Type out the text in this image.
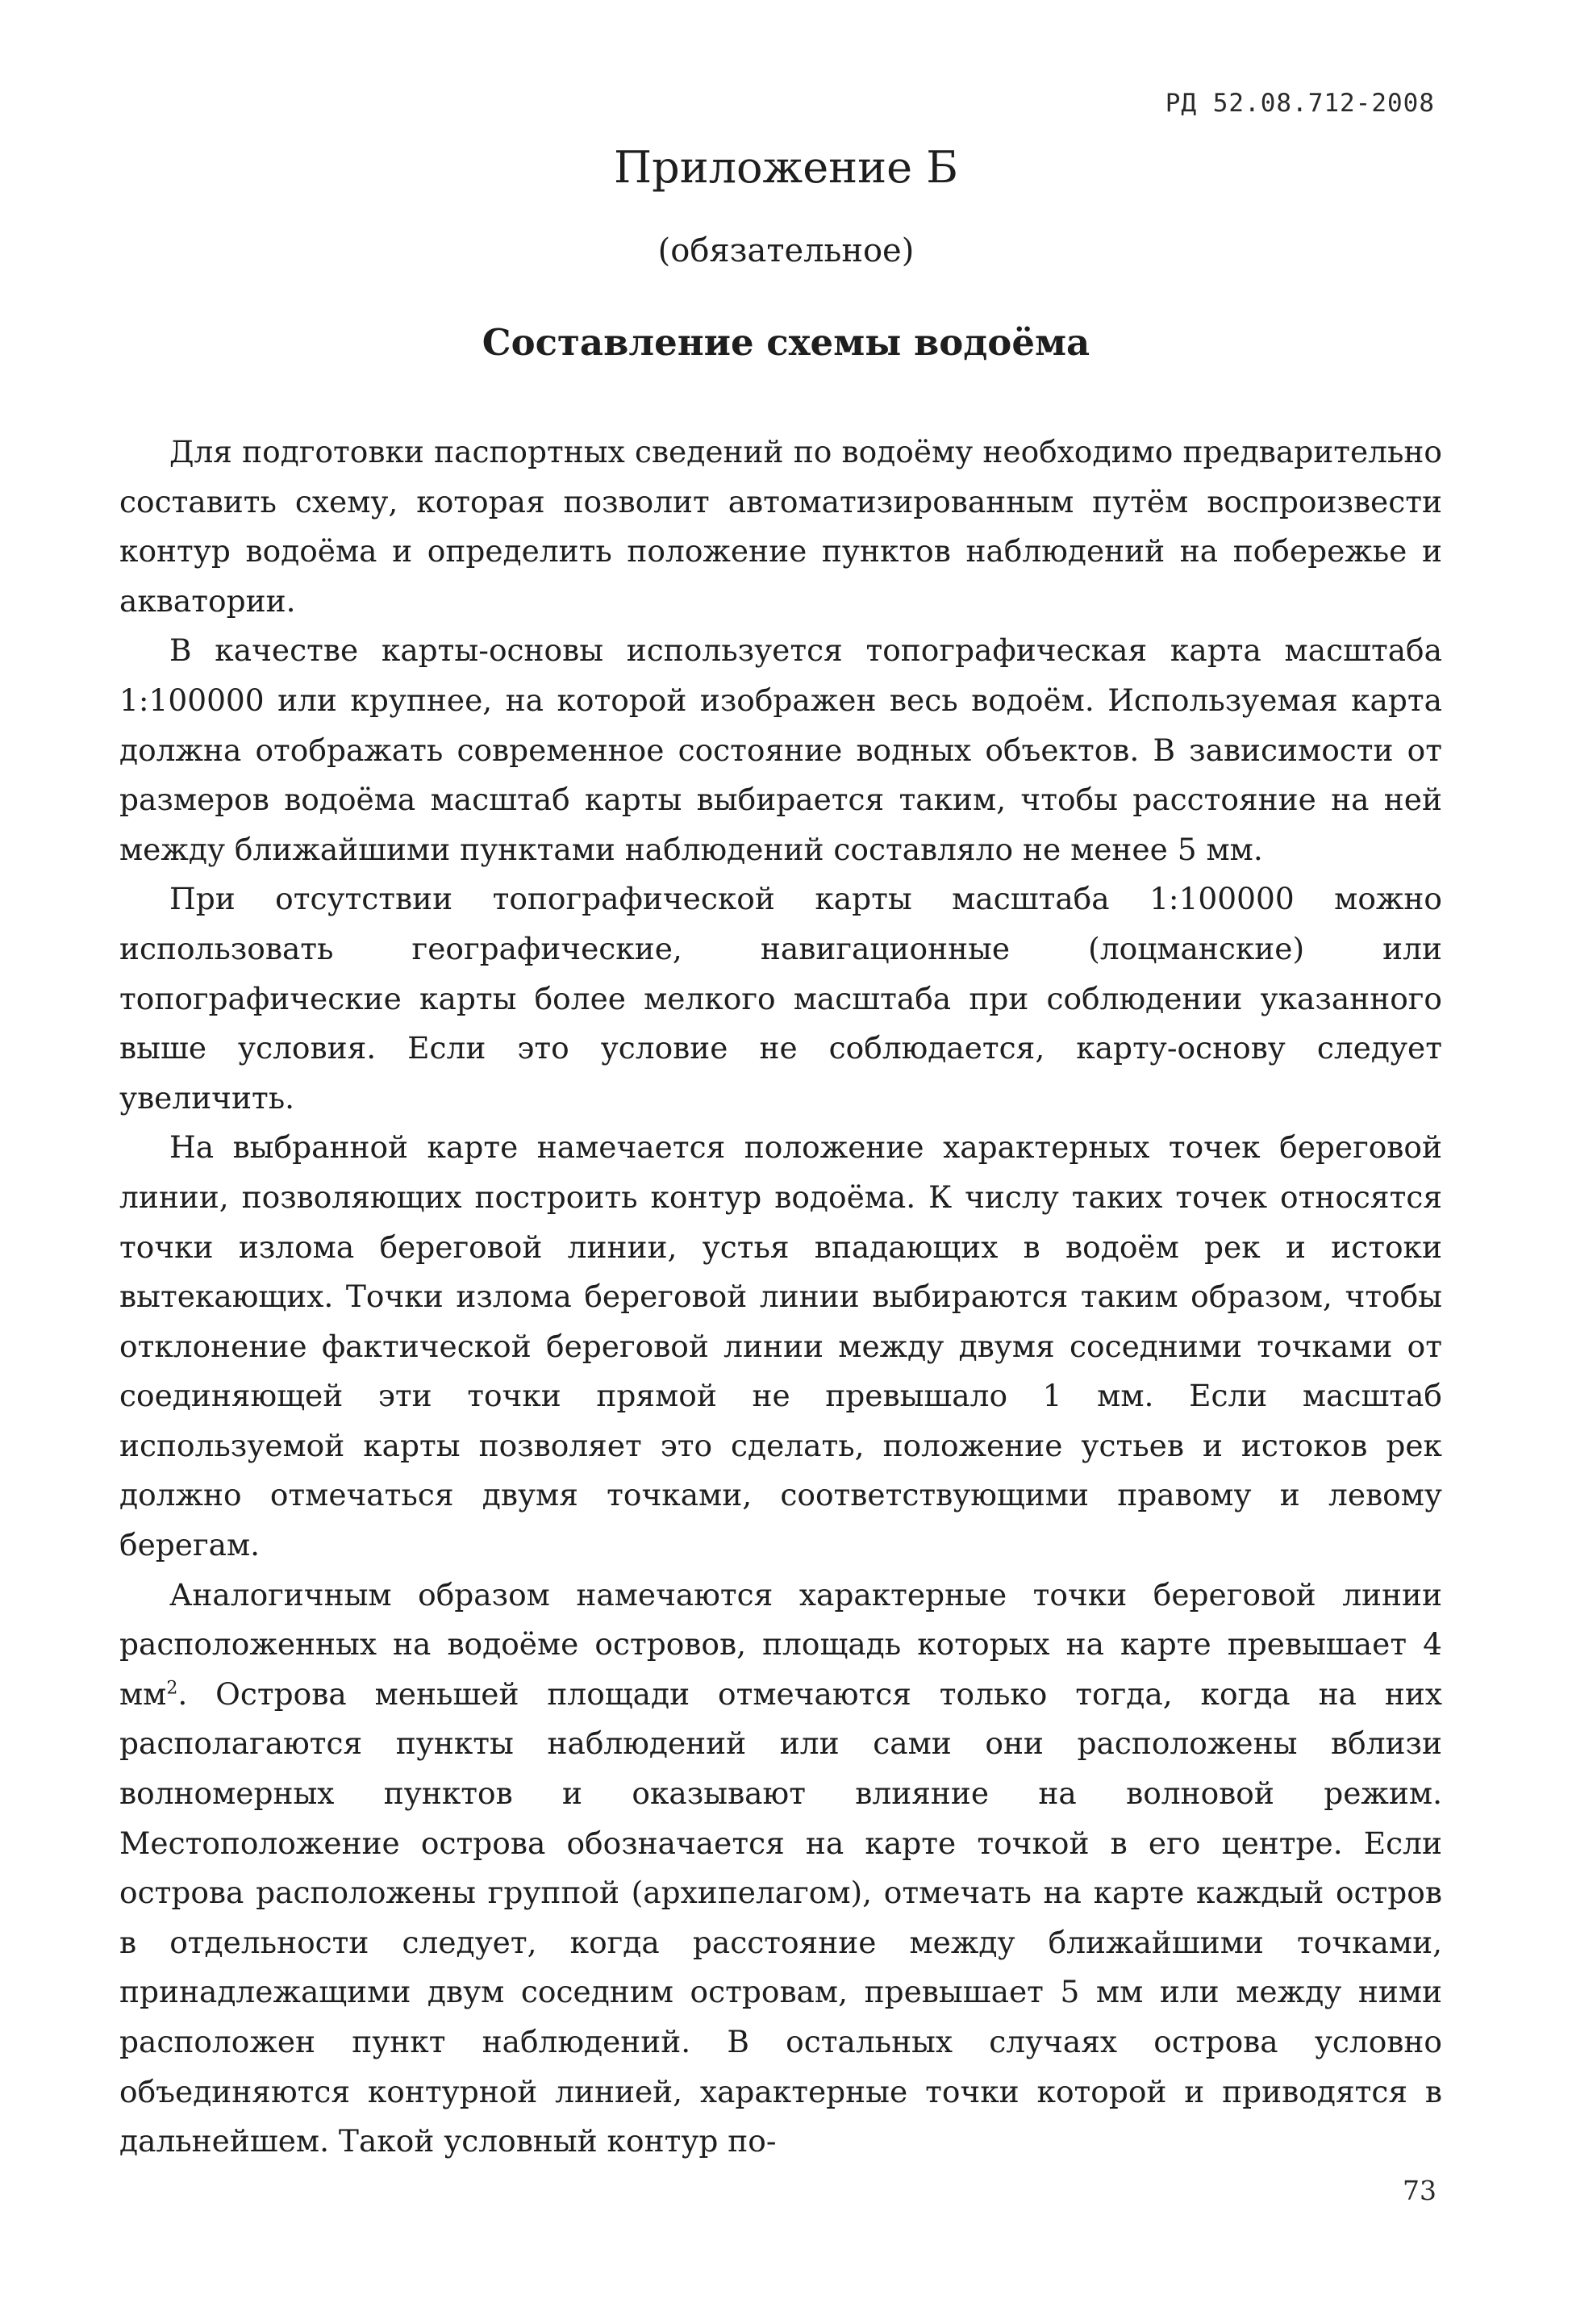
РД 52.08.712-2008
Приложение Б
(обязательное)
Составление схемы водоёма

Для подготовки паспортных сведений по водоёму необходимо предварительно составить схему, которая позволит автоматизированным путём воспроизвести контур водоёма и определить положение пунктов наблюдений на побережье и акватории.

В качестве карты-основы используется топографическая карта масштаба 1:100000 или крупнее, на которой изображен весь водоём. Используемая карта должна отображать современное состояние водных объектов. В зависимости от размеров водоёма масштаб карты выбирается таким, чтобы расстояние на ней между ближайшими пунктами наблюдений составляло не менее 5 мм.

При отсутствии топографической карты масштаба 1:100000 можно использовать географические, навигационные (лоцманские) или топографические карты более мелкого масштаба при соблюдении указанного выше условия. Если это условие не соблюдается, карту-основу следует увеличить.

На выбранной карте намечается положение характерных точек береговой линии, позволяющих построить контур водоёма. К числу таких точек относятся точки излома береговой линии, устья впадающих в водоём рек и истоки вытекающих. Точки излома береговой линии выбираются таким образом, чтобы отклонение фактической береговой линии между двумя соседними точками от соединяющей эти точки прямой не превышало 1 мм. Если масштаб используемой карты позволяет это сделать, положение устьев и истоков рек должно отмечаться двумя точками, соответствующими правому и левому берегам.

Аналогичным образом намечаются характерные точки береговой линии расположенных на водоёме островов, площадь которых на карте превышает 4 $мм^2$. Острова меньшей площади отмечаются только тогда, когда на них располагаются пункты наблюдений или сами они расположены вблизи волномерных пунктов и оказывают влияние на волновой режим. Местоположение острова обозначается на карте точкой в его центре. Если острова расположены группой (архипелагом), отмечать на карте каждый остров в отдельности следует, когда расстояние между ближайшими точками, принадлежащими двум соседним островам, превышает 5 мм или между ними расположен пункт наблюдений. В остальных случаях острова условно объединяются контурной линией, характерные точки которой и приводятся в дальнейшем. Такой условный контур по-

73
